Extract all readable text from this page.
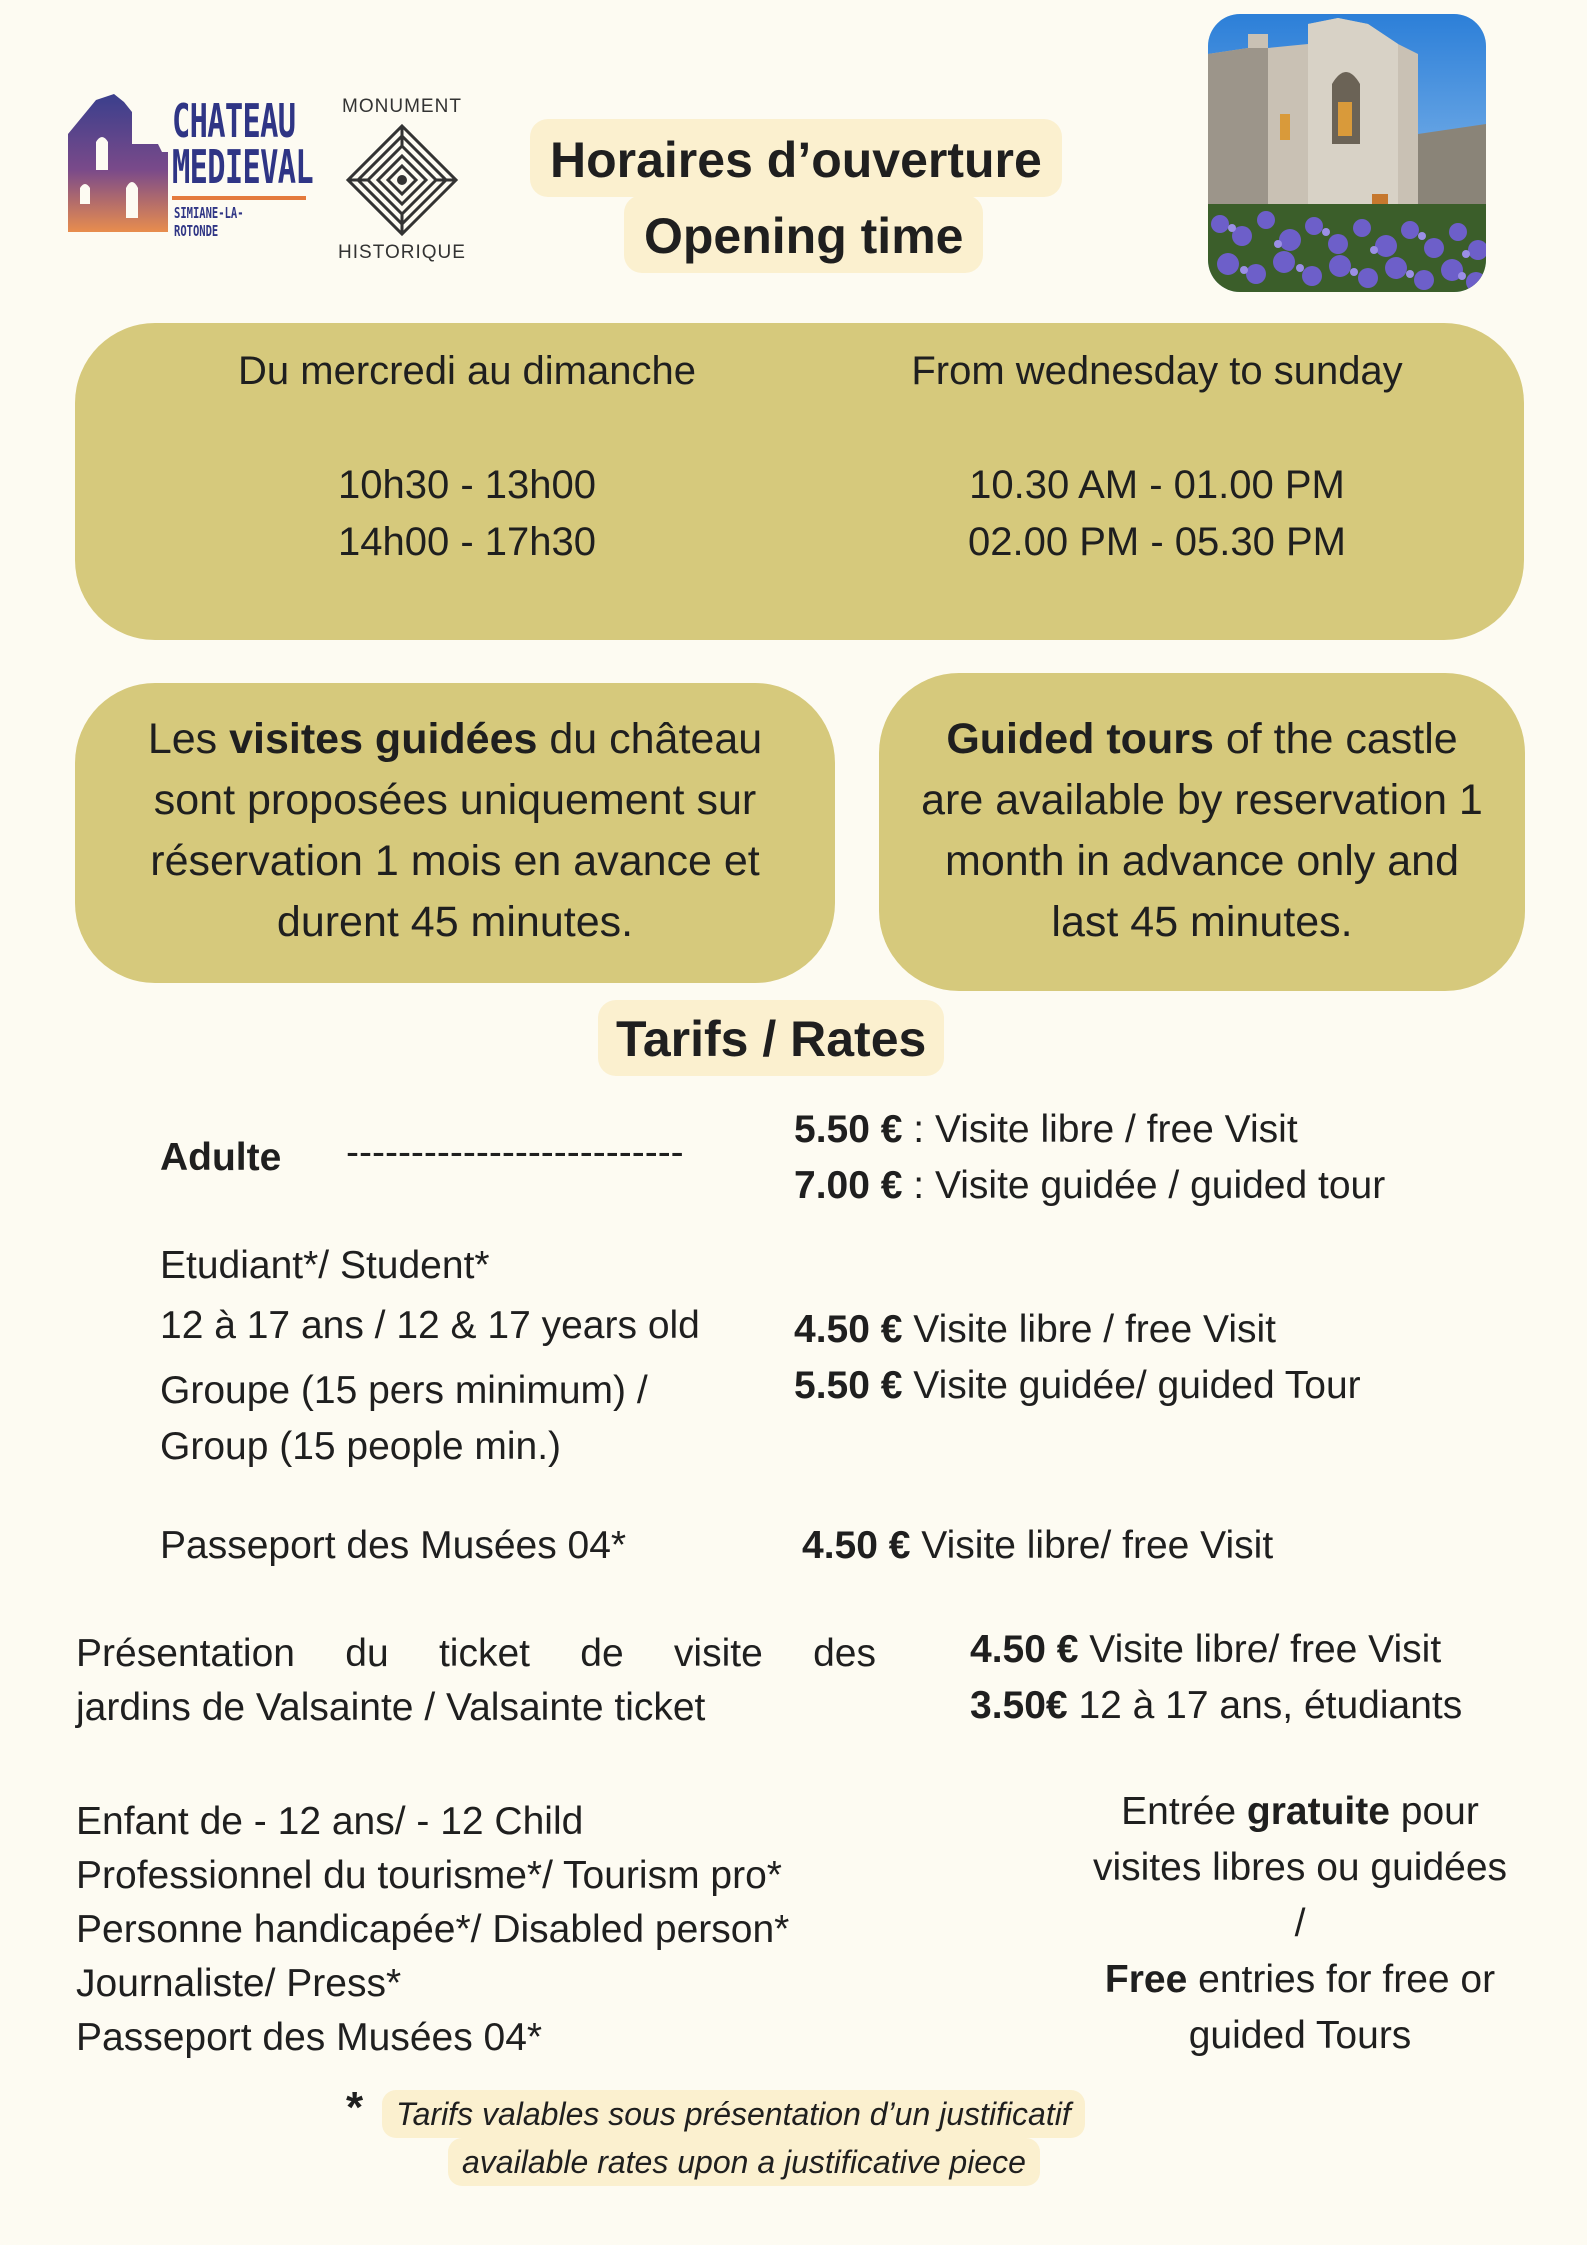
CHATEAU
MEDIEVAL
SIMIANE-LA-ROTONDE
MONUMENT
HISTORIQUE
Horaires d’ouverture
Opening time
Du mercredi au dimanche
10h30 - 13h00
14h00 - 17h30
From wednesday to sunday
10.30 AM - 01.00 PM
02.00 PM - 05.30 PM
Les visites guidées du château
sont proposées uniquement sur
réservation 1 mois en avance et
durent 45 minutes.
Guided tours of the castle
are available by reservation 1
month in advance only and
last 45 minutes.
Tarifs / Rates
Adulte --------------------------
5.50 € : Visite libre / free Visit
7.00 € : Visite guidée / guided tour
Etudiant*/ Student*
12 à 17 ans / 12 & 17 years old
Groupe (15 pers minimum) /
Group (15 people min.)
4.50 € Visite libre / free Visit
5.50 € Visite guidée/ guided Tour
Passeport des Musées 04*	4.50 € Visite libre/ free Visit
Présentation du ticket de visite des
jardins de Valsainte / Valsainte ticket
4.50 € Visite libre/ free Visit
3.50€ 12 à 17 ans, étudiants
Enfant de - 12 ans/ - 12 Child
Professionnel du tourisme*/ Tourism pro*
Personne handicapée*/ Disabled person*
Journaliste/ Press*
Passeport des Musées 04*
Entrée gratuite pour
visites libres ou guidées
/
Free entries for free or
guided Tours
*	Tarifs valables sous présentation d’un justificatif
available rates upon a justificative piece
